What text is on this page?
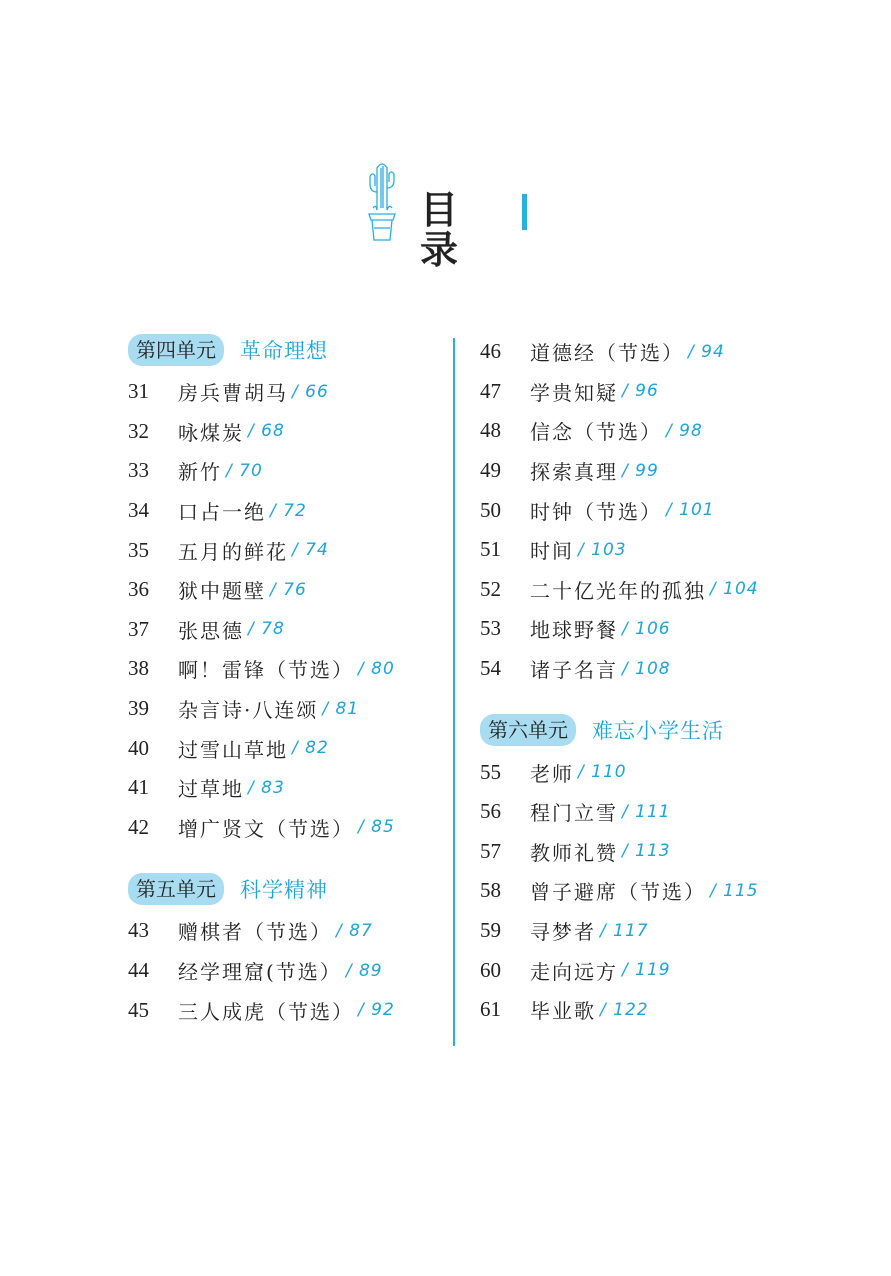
目 录
第四单元	革命理想
31	房兵曹胡马 / 66
32	咏煤炭 / 68
33	新竹 / 70
34	口占一绝 / 72
35	五月的鲜花 / 74
36	狱中题壁 / 76
37	张思德 / 78
38	啊！雷锋（节选） / 80
39	杂言诗·八连颂 / 81
40	过雪山草地 / 82
41	过草地 / 83
42	增广贤文（节选） / 85
第五单元	科学精神
43	赠棋者（节选） / 87
44	经学理窟(节选） / 89
45	三人成虎（节选） / 92
46	道德经（节选） / 94
47	学贵知疑 / 96
48	信念（节选） / 98
49	探索真理 / 99
50	时钟（节选） / 101
51	时间 / 103
52	二十亿光年的孤独 / 104
53	地球野餐 / 106
54	诸子名言 / 108
第六单元	难忘小学生活
55	老师 / 110
56	程门立雪 / 111
57	教师礼赞 / 113
58	曾子避席（节选） / 115
59	寻梦者 / 117
60	走向远方 / 119
61	毕业歌 / 122
